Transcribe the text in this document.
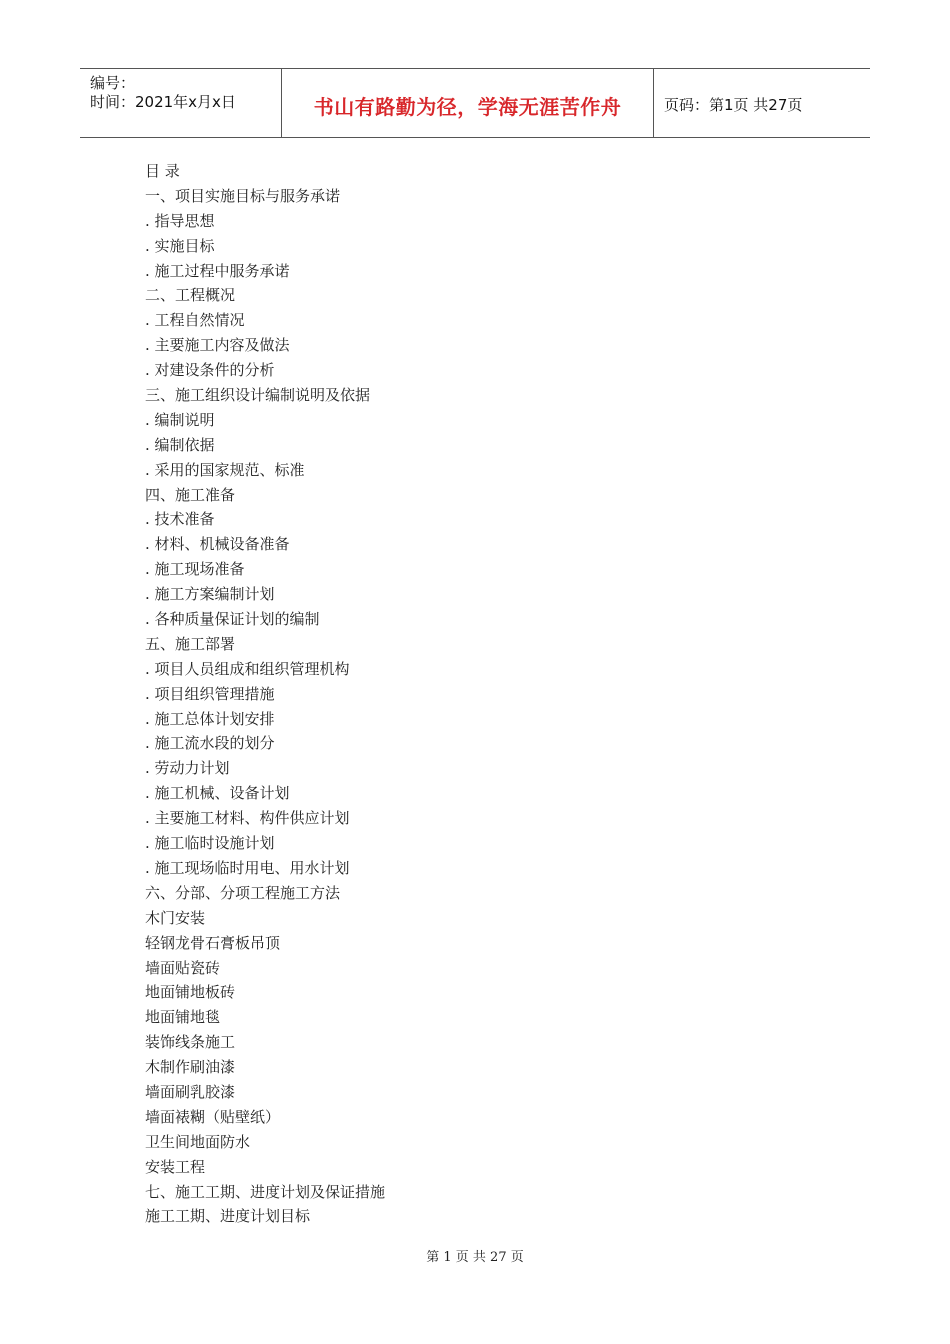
编号：
时间：2021年x月x日	书山有路勤为径，学海无涯苦作舟	页码：第1页 共27页
目 录
一、项目实施目标与服务承诺
. 指导思想
. 实施目标
. 施工过程中服务承诺
二、工程概况
. 工程自然情况
. 主要施工内容及做法
. 对建设条件的分析
三、施工组织设计编制说明及依据
. 编制说明
. 编制依据
. 采用的国家规范、标准
四、施工准备
. 技术准备
. 材料、机械设备准备
. 施工现场准备
. 施工方案编制计划
. 各种质量保证计划的编制
五、施工部署
. 项目人员组成和组织管理机构
. 项目组织管理措施
. 施工总体计划安排
. 施工流水段的划分
. 劳动力计划
. 施工机械、设备计划
. 主要施工材料、构件供应计划
. 施工临时设施计划
. 施工现场临时用电、用水计划
六、分部、分项工程施工方法
木门安装
轻钢龙骨石膏板吊顶
墙面贴瓷砖
地面铺地板砖
地面铺地毯
装饰线条施工
木制作刷油漆
墙面刷乳胶漆
墙面裱糊（贴壁纸）
卫生间地面防水
安装工程
七、施工工期、进度计划及保证措施
施工工期、进度计划目标
第 1 页 共 27 页
